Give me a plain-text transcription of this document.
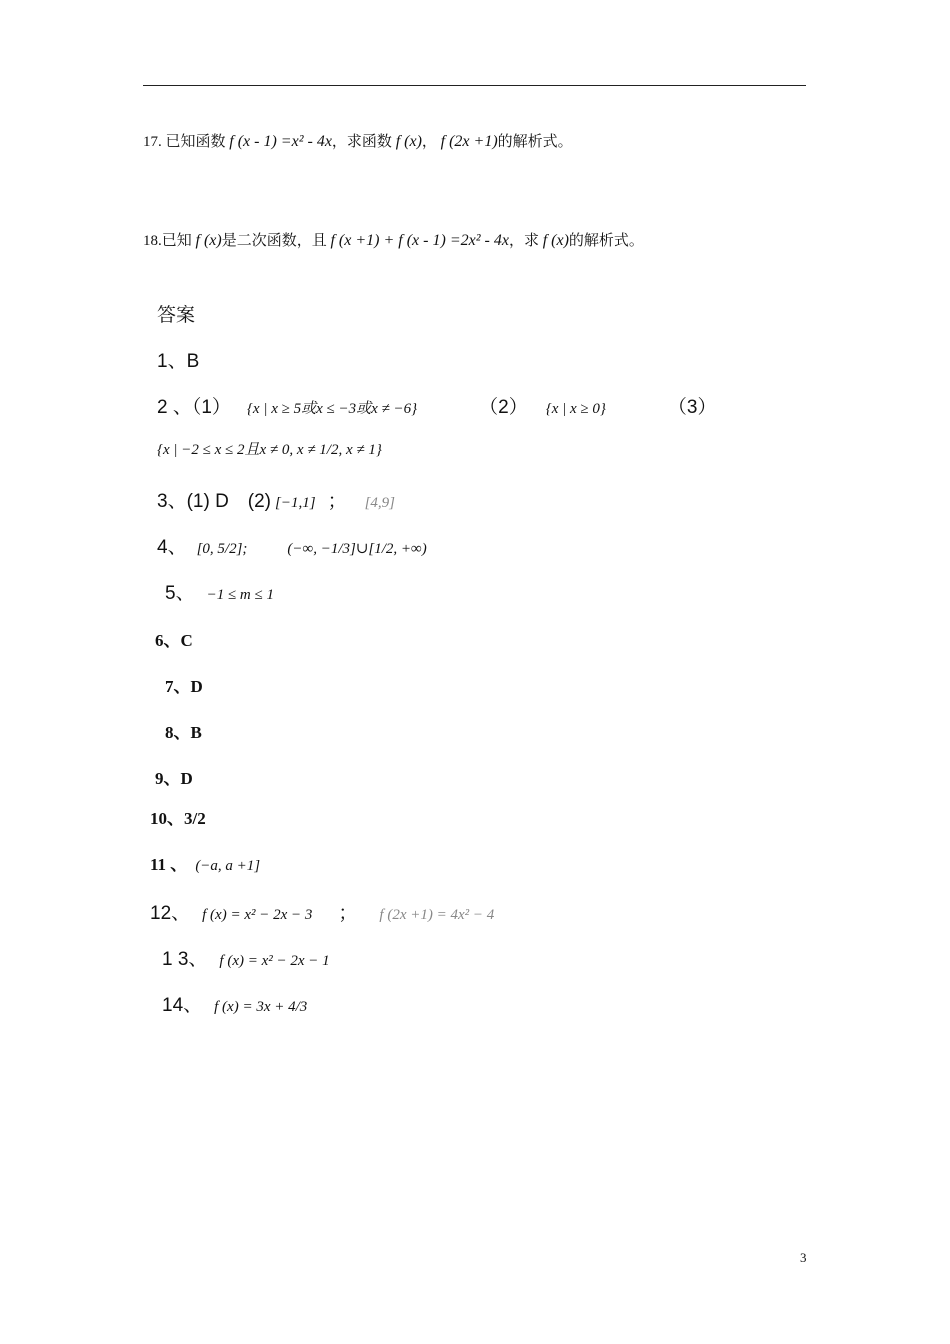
17. 已知函数 f (x - 1) =x² - 4x，求函数 f (x)， f (2x +1)的解析式。
18.已知 f (x)是二次函数，且 f (x +1) + f (x - 1) =2x² - 4x，求 f (x)的解析式。
答案
1、B
2 、（1） {x | x ≥ 5或x ≤ −3或x ≠ −6}	（2） {x | x ≥ 0}	（3）
{x | −2 ≤ x ≤ 2且x ≠ 0, x ≠ 1/2, x ≠ 1}
3、(1) D　(2) [−1,1] ； [4,9]
4、 [0, 5/2];	(−∞, −1/3]∪[1/2, +∞)
5、 −1 ≤ m ≤ 1
6、C
7、D
8、B
9、D
10、3/2
11 、 (−a, a +1]
12、 f (x) = x² − 2x − 3 ； f (2x +1) = 4x² − 4
1 3、 f (x) = x² − 2x − 1
14、 f (x) = 3x + 4/3
3
